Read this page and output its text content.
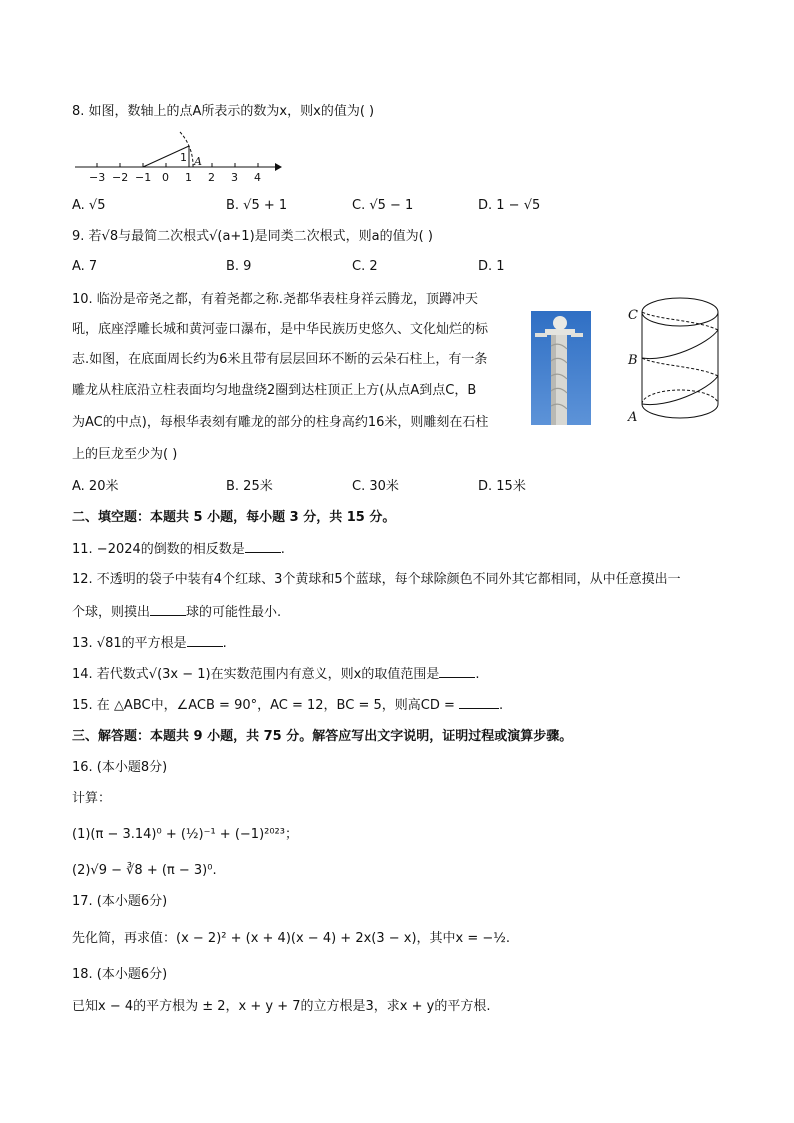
8. 如图，数轴上的点A所表示的数为x，则x的值为( )
−3 −2 −1 0 1 2 3 4
1 A
A. √5	B. √5 + 1	C. √5 − 1	D. 1 − √5
9. 若√8与最简二次根式√(a+1)是同类二次根式，则a的值为( )
A. 7	B. 9	C. 2	D. 1
10. 临汾是帝尧之都，有着尧都之称.尧都华表柱身祥云腾龙，顶蹲冲天
吼，底座浮雕长城和黄河壶口瀑布，是中华民族历史悠久、文化灿烂的标
志.如图，在底面周长约为6米且带有层层回环不断的云朵石柱上，有一条
雕龙从柱底沿立柱表面均匀地盘绕2圈到达柱顶正上方(从点A到点C，B
为AC的中点)，每根华表刻有雕龙的部分的柱身高约16米，则雕刻在石柱
上的巨龙至少为( )
C
B
A
A. 20米	B. 25米	C. 30米	D. 15米
二、填空题：本题共 5 小题，每小题 3 分，共 15 分。
11. −2024的倒数的相反数是	.
12. 不透明的袋子中装有4个红球、3个黄球和5个蓝球，每个球除颜色不同外其它都相同，从中任意摸出一
个球，则摸出	球的可能性最小.
13. √81的平方根是	.
14. 若代数式√(3x − 1)在实数范围内有意义，则x的取值范围是	.
15. 在 △ABC中，∠ACB = 90°，AC = 12，BC = 5，则高CD =	.
三、解答题：本题共 9 小题，共 75 分。解答应写出文字说明，证明过程或演算步骤。
16. (本小题8分)
计算：
(1)(π − 3.14)⁰ + (½)⁻¹ + (−1)²⁰²³；
(2)√9 − ∛8 + (π − 3)⁰.
17. (本小题6分)
先化简，再求值：(x − 2)² + (x + 4)(x − 4) + 2x(3 − x)，其中x = −½.
18. (本小题6分)
已知x − 4的平方根为 ± 2，x + y + 7的立方根是3，求x + y的平方根.
